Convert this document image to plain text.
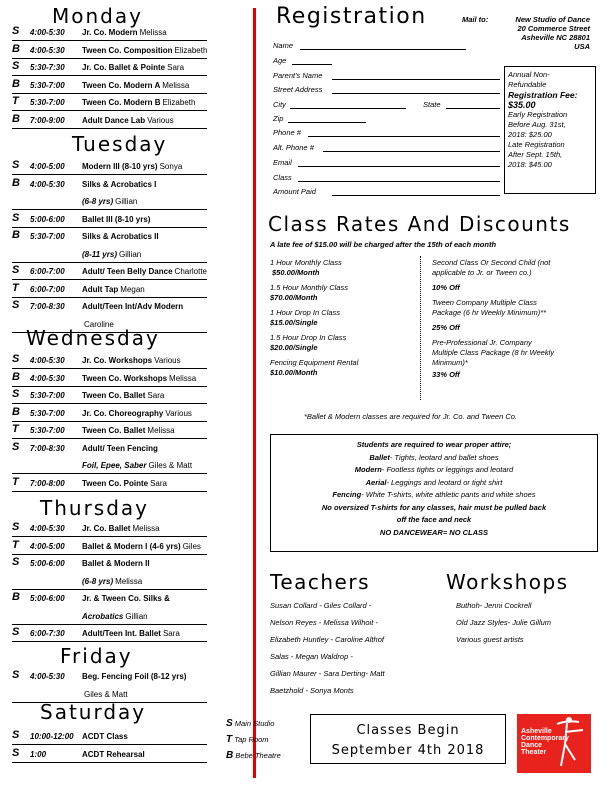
Monday
S 4:00-5:30 Jr. Co. Modern Melissa
B 4:00-5:30 Tween Co. Composition Elizabeth
S 5:30-7:30 Jr. Co. Ballet & Pointe Sara
B 5:30-7:00 Tween Co. Modern A Melissa
T 5:30-7:00 Tween Co. Modern B Elizabeth
B 7:00-9:00 Adult Dance Lab Various
Tuesday
S 4:00-5:00 Modern III (8-10 yrs) Sonya
B 4:00-5:30 Silks & Acrobatics I
(6-8 yrs) Gillian
S 5:00-6:00 Ballet III (8-10 yrs)
B 5:30-7:00 Silks & Acrobatics II
(8-11 yrs) Gillian
S 6:00-7:00 Adult/ Teen Belly Dance Charlotte
T 6:00-7:00 Adult Tap Megan
S 7:00-8:30 Adult/Teen Int/Adv Modern
Caroline
Wednesday
S 4:00-5:30 Jr. Co. Workshops Various
B 4:00-5:30 Tween Co. Workshops Melissa
S 5:30-7:00 Tween Co. Ballet Sara
B 5:30-7:00 Jr. Co. Choreography Various
T 5:30-7:00 Tween Co. Ballet Melissa
S 7:00-8:30 Adult/ Teen Fencing
Foil, Epee, Saber Giles & Matt
T 7:00-8:00 Tween Co. Pointe Sara
Thursday
S 4:00-5:30 Jr. Co. Ballet Melissa
T 4:00-5:00 Ballet & Modern I (4-6 yrs) Giles
S 5:00-6:00 Ballet & Modern II
(6-8 yrs) Melissa
B 5:00-6:00 Jr. & Tween Co. Silks &
Acrobatics Gillian
S 6:00-7:30 Adult/Teen Int. Ballet Sara
Friday
S 4:00-5:30 Beg. Fencing Foil (8-12 yrs)
Giles & Matt
Saturday
S 10:00-12:00 ACDT Class
S 1:00	ACDT Rehearsal
Registration	Mail to:	New Studio of Dance
20 Commerce Street
Asheville NC 28801
USA
Name
Age
Parent's Name
Street Address
City	State
Zip
Phone #
Alt. Phone #
Email
Class
Amount Paid
Annual Non-
Refundable
Registration Fee:
$35.00
Early Registration
Before Aug. 31st,
2018: $25.00
Late Registration
After Sept. 15th,
2018: $45.00
Class Rates And Discounts
A late fee of $15.00 will be charged after the 15th of each month
1 Hour Monthly Class
$50.00/Month
1.5 Hour Monthly Class
$70.00/Month
1 Hour Drop In Class
$15.00/Single
1.5 Hour Drop In Class
$20.00/Single
Fencing Equipment Rental
$10.00/Month
Second Class Or Second Child (not
applicable to Jr. or Tween co.)
10% Off
Tween Company Multiple Class
Package (6 hr Weekly Minimum)**
25% Off
Pre-Professional Jr. Company
Multiple Class Package (8 hr Weekly
Minimum)*
33% Off
*Ballet & Modern classes are required for Jr. Co. and Tween Co.
Students are required to wear proper attire;
Ballet- Tights, leotard and ballet shoes
Modern- Footless tights or leggings and leotard
Aerial- Leggings and leotard or tight shirt
Fencing- White T-shirts, white athletic pants and white shoes
No oversized T-shirts for any classes, hair must be pulled back
off the face and neck
NO DANCEWEAR= NO CLASS
Teachers
Susan Collard - Giles Collard -
Nelson Reyes - Melissa Wilhoit -
Elizabeth Huntley - Caroline Althof
Salas - Megan Waldrop -
Gillian Maurer - Sara Derting- Matt
Baetzhold - Sonya Monts
Workshops
Buthoh- Jenni Cockrell
Old Jazz Styles- Julie Gillum
Various guest artists
S Main Studio
T Tap Room
B Bebe Theatre
Classes Begin
September 4th 2018
Asheville
Contemporary
Dance
Theater
